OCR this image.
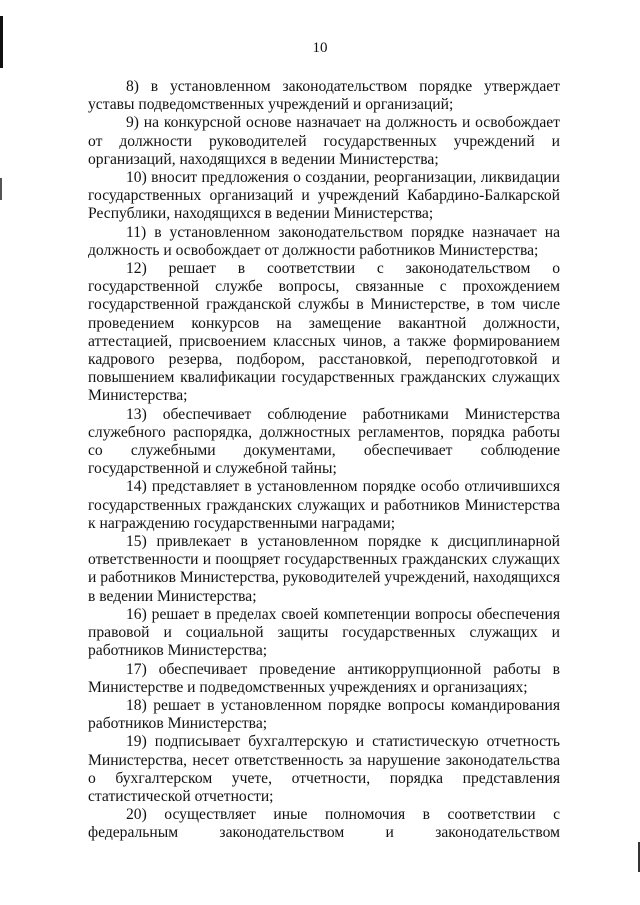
10

8) в установленном законодательством порядке утверждает уставы подведомственных учреждений и организаций;

9) на конкурсной основе назначает на должность и освобождает от должности руководителей государственных учреждений и организаций, находящихся в ведении Министерства;

10) вносит предложения о создании, реорганизации, ликвидации государственных организаций и учреждений Кабардино-Балкарской Республики, находящихся в ведении Министерства;

11) в установленном законодательством порядке назначает на должность и освобождает от должности работников Министерства;

12) решает в соответствии с законодательством о государственной службе вопросы, связанные с прохождением государственной гражданской службы в Министерстве, в том числе проведением конкурсов на замещение вакантной должности, аттестацией, присвоением классных чинов, а также формированием кадрового резерва, подбором, расстановкой, переподготовкой и повышением квалификации государственных гражданских служащих Министерства;

13) обеспечивает соблюдение работниками Министерства служебного распорядка, должностных регламентов, порядка работы со служебными документами, обеспечивает соблюдение государственной и служебной тайны;

14) представляет в установленном порядке особо отличившихся государственных гражданских служащих и работников Министерства к награждению государственными наградами;

15) привлекает в установленном порядке к дисциплинарной ответственности и поощряет государственных гражданских служащих и работников Министерства, руководителей учреждений, находящихся в ведении Министерства;

16) решает в пределах своей компетенции вопросы обеспечения правовой и социальной защиты государственных служащих и работников Министерства;

17) обеспечивает проведение антикоррупционной работы в Министерстве и подведомственных учреждениях и организациях;

18) решает в установленном порядке вопросы командирования работников Министерства;

19) подписывает бухгалтерскую и статистическую отчетность Министерства, несет ответственность за нарушение законодательства о бухгалтерском учете, отчетности, порядка представления статистической отчетности;

20) осуществляет иные полномочия в соответствии с федеральным законодательством и законодательством
